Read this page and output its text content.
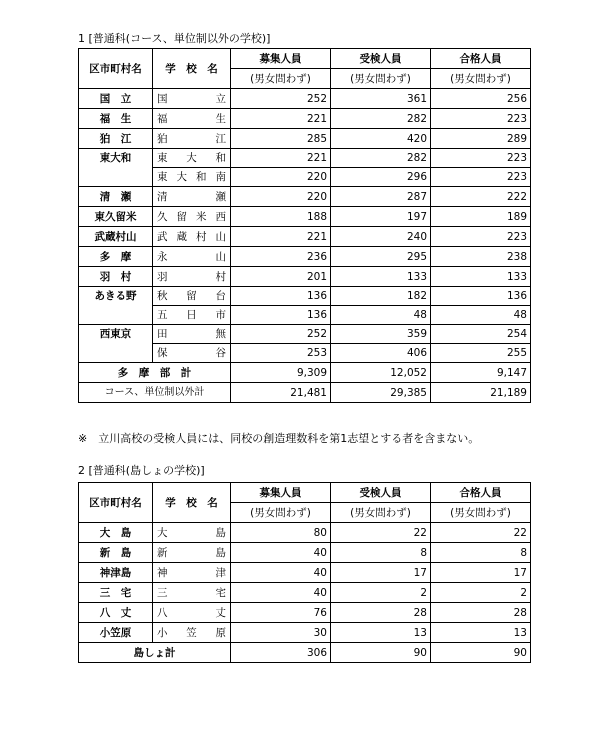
1 [普通科(コース、単位制以外の学校)]
区市町村名	学　校　名	募集人員	受検人員	合格人員
		(男女問わず)	(男女問わず)	(男女問わず)
国　立	国立	252	361	256
福　生	福生	221	282	223
狛　江	狛江	285	420	289
東大和	東大和	221	282	223
	東大和南	220	296	223
清　瀬	清瀬	220	287	222
東久留米	久留米西	188	197	189
武蔵村山	武蔵村山	221	240	223
多　摩	永山	236	295	238
羽　村	羽村	201	133	133
あきる野	秋留台	136	182	136
	五日市	136	48	48
西東京	田無	252	359	254
	保谷	253	406	255
多　摩　部　計		9,309	12,052	9,147
コース、単位制以外計		21,481	29,385	21,189
※　立川高校の受検人員には、同校の創造理数科を第1志望とする者を含まない。
2 [普通科(島しょの学校)]
区市町村名	学　校　名	募集人員	受検人員	合格人員
		(男女問わず)	(男女問わず)	(男女問わず)
大　島	大島	80	22	22
新　島	新島	40	8	8
神津島	神津	40	17	17
三　宅	三宅	40	2	2
八　丈	八丈	76	28	28
小笠原	小笠原	30	13	13
島しょ計		306	90	90
